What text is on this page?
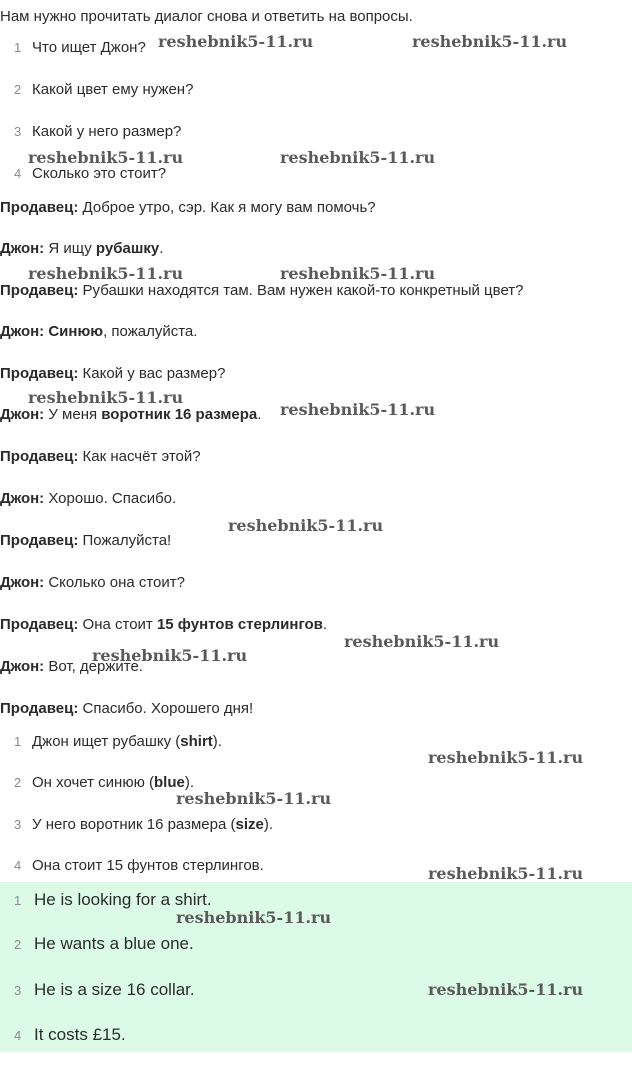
Нам нужно прочитать диалог снова и ответить на вопросы.
1 Что ищет Джон?
2 Какой цвет ему нужен?
3 Какой у него размер?
4 Сколько это стоит?
Продавец: Доброе утро, сэр. Как я могу вам помочь?
Джон: Я ищу рубашку.
Продавец: Рубашки находятся там. Вам нужен какой-то конкретный цвет?
Джон: Синюю, пожалуйста.
Продавец: Какой у вас размер?
Джон: У меня воротник 16 размера.
Продавец: Как насчёт этой?
Джон: Хорошо. Спасибо.
Продавец: Пожалуйста!
Джон: Сколько она стоит?
Продавец: Она стоит 15 фунтов стерлингов.
Джон: Вот, держите.
Продавец: Спасибо. Хорошего дня!
1 Джон ищет рубашку (shirt).
2 Он хочет синюю (blue).
3 У него воротник 16 размера (size).
4 Она стоит 15 фунтов стерлингов.
1 He is looking for a shirt.
2 He wants a blue one.
3 He is a size 16 collar.
4 It costs £15.
reshebnik5-11.ru	reshebnik5-11.ru
reshebnik5-11.ru	reshebnik5-11.ru
reshebnik5-11.ru	reshebnik5-11.ru
reshebnik5-11.ru
reshebnik5-11.ru
reshebnik5-11.ru
reshebnik5-11.ru
reshebnik5-11.ru
reshebnik5-11.ru
reshebnik5-11.ru
reshebnik5-11.ru
reshebnik5-11.ru
reshebnik5-11.ru
